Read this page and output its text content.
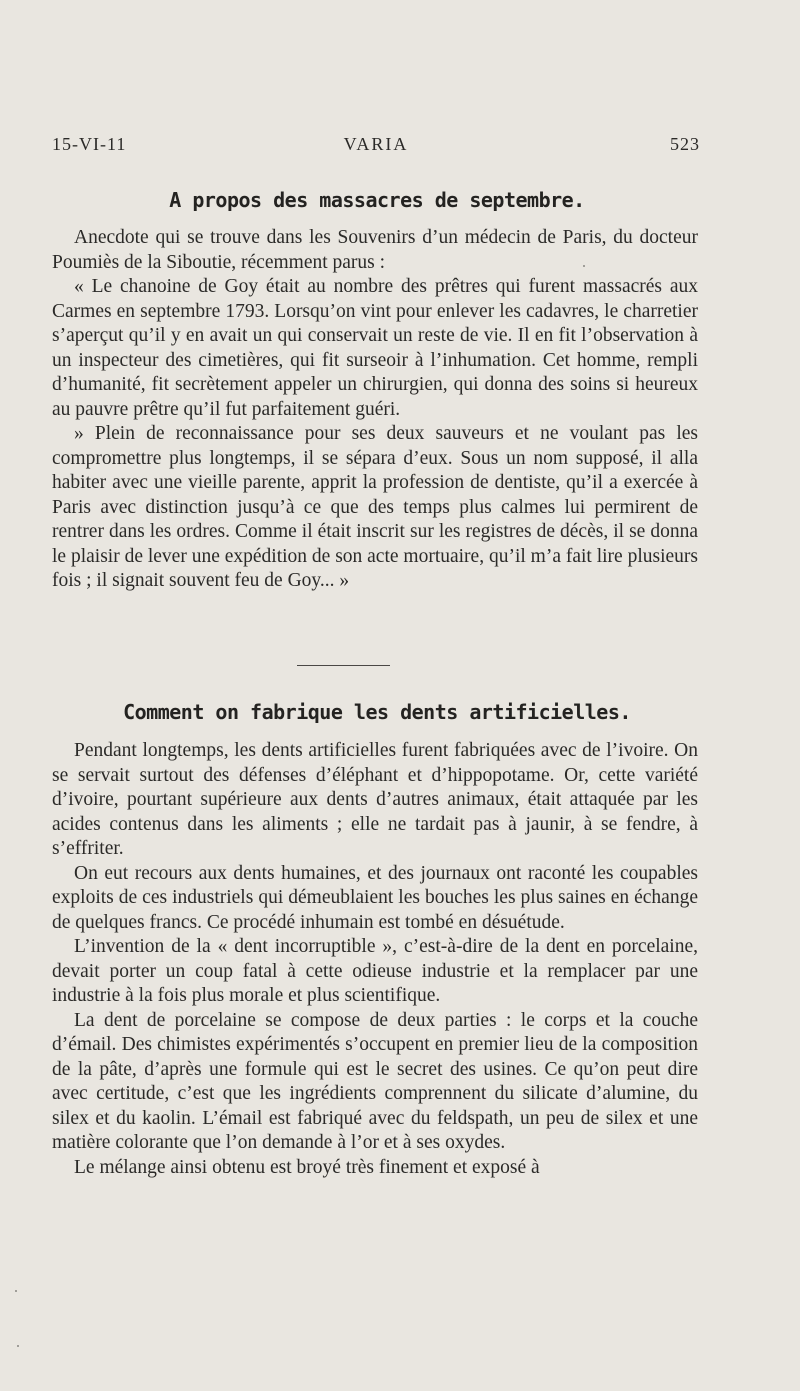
15-VI-11	VARIA	523
A propos des massacres de septembre.

Anecdote qui se trouve dans les Souvenirs d’un médecin de Paris, du docteur Poumiès de la Siboutie, récemment parus :

« Le chanoine de Goy était au nombre des prêtres qui furent massacrés aux Carmes en septembre 1793. Lorsqu’on vint pour enlever les cadavres, le charretier s’aperçut qu’il y en avait un qui conservait un reste de vie. Il en fit l’observation à un inspecteur des cimetières, qui fit surseoir à l’inhumation. Cet homme, rempli d’humanité, fit secrètement appeler un chirurgien, qui donna des soins si heureux au pauvre prêtre qu’il fut parfaitement guéri.

» Plein de reconnaissance pour ses deux sauveurs et ne voulant pas les compromettre plus longtemps, il se sépara d’eux. Sous un nom supposé, il alla habiter avec une vieille parente, apprit la profession de dentiste, qu’il a exercée à Paris avec distinction jusqu’à ce que des temps plus calmes lui permirent de rentrer dans les ordres. Comme il était inscrit sur les registres de décès, il se donna le plaisir de lever une expédition de son acte mortuaire, qu’il m’a fait lire plusieurs fois ; il signait souvent feu de Goy... »

Comment on fabrique les dents artificielles.

Pendant longtemps, les dents artificielles furent fabriquées avec de l’ivoire. On se servait surtout des défenses d’éléphant et d’hippopotame. Or, cette variété d’ivoire, pourtant supérieure aux dents d’autres animaux, était attaquée par les acides contenus dans les aliments ; elle ne tardait pas à jaunir, à se fendre, à s’effriter.

On eut recours aux dents humaines, et des journaux ont raconté les coupables exploits de ces industriels qui démeublaient les bouches les plus saines en échange de quelques francs. Ce procédé inhumain est tombé en désuétude.

L’invention de la « dent incorruptible », c’est-à-dire de la dent en porcelaine, devait porter un coup fatal à cette odieuse industrie et la remplacer par une industrie à la fois plus morale et plus scientifique.

La dent de porcelaine se compose de deux parties : le corps et la couche d’émail. Des chimistes expérimentés s’occupent en premier lieu de la composition de la pâte, d’après une formule qui est le secret des usines. Ce qu’on peut dire avec certitude, c’est que les ingrédients comprennent du silicate d’alumine, du silex et du kaolin. L’émail est fabriqué avec du feldspath, un peu de silex et une matière colorante que l’on demande à l’or et à ses oxydes.

Le mélange ainsi obtenu est broyé très finement et exposé à
